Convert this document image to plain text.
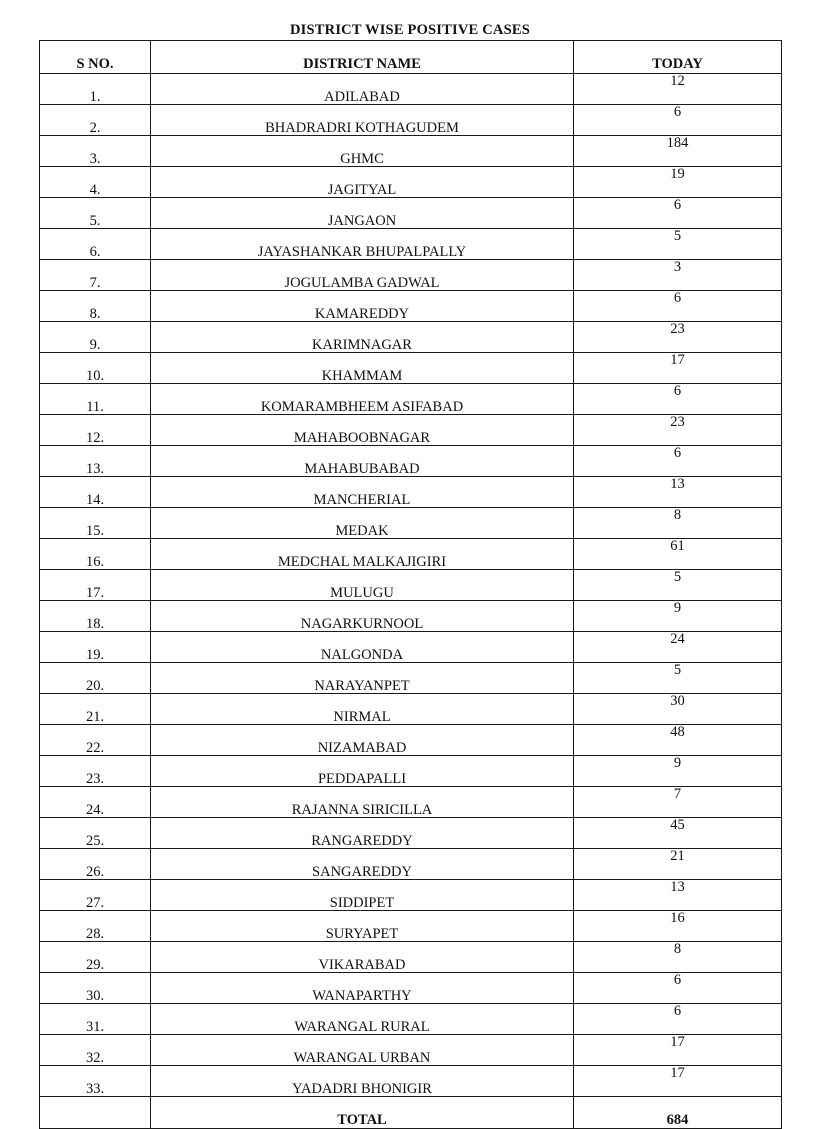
DISTRICT WISE POSITIVE CASES
S NO.	DISTRICT NAME	TODAY
1.	ADILABAD	12
2.	BHADRADRI KOTHAGUDEM	6
3.	GHMC	184
4.	JAGITYAL	19
5.	JANGAON	6
6.	JAYASHANKAR BHUPALPALLY	5
7.	JOGULAMBA GADWAL	3
8.	KAMAREDDY	6
9.	KARIMNAGAR	23
10.	KHAMMAM	17
11.	KOMARAMBHEEM ASIFABAD	6
12.	MAHABOOBNAGAR	23
13.	MAHABUBABAD	6
14.	MANCHERIAL	13
15.	MEDAK	8
16.	MEDCHAL MALKAJIGIRI	61
17.	MULUGU	5
18.	NAGARKURNOOL	9
19.	NALGONDA	24
20.	NARAYANPET	5
21.	NIRMAL	30
22.	NIZAMABAD	48
23.	PEDDAPALLI	9
24.	RAJANNA SIRICILLA	7
25.	RANGAREDDY	45
26.	SANGAREDDY	21
27.	SIDDIPET	13
28.	SURYAPET	16
29.	VIKARABAD	8
30.	WANAPARTHY	6
31.	WARANGAL RURAL	6
32.	WARANGAL URBAN	17
33.	YADADRI BHONIGIR	17
	TOTAL	684
